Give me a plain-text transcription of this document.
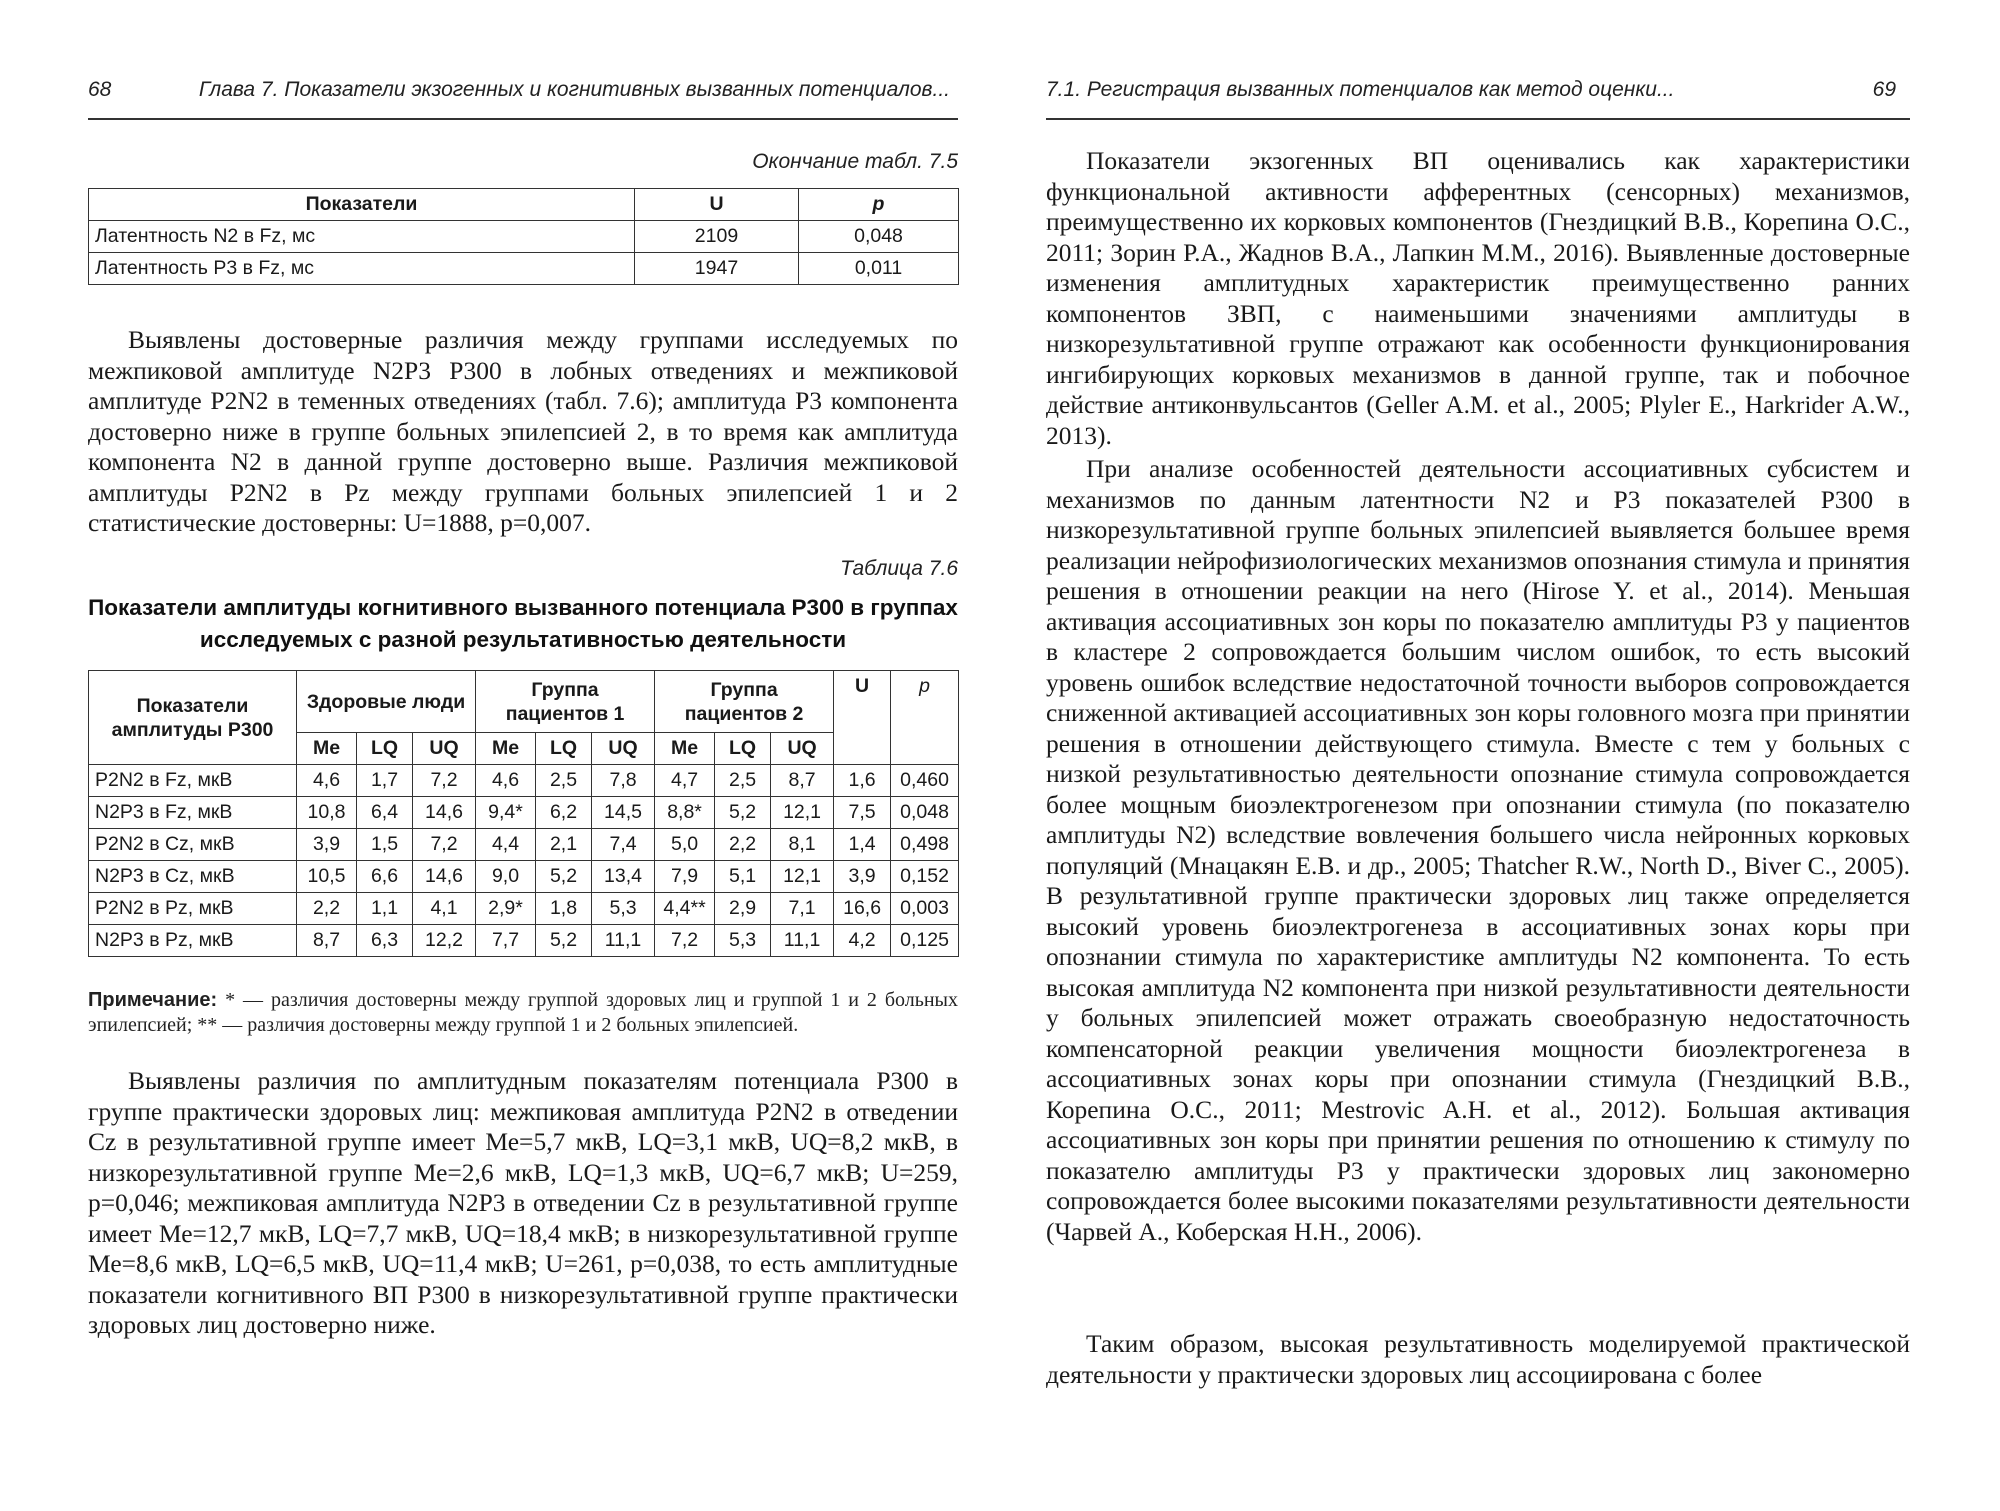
68	Глава 7. Показатели экзогенных и когнитивных вызванных потенциалов...
Окончание табл. 7.5
Показатели	U	p
Латентность N2 в Fz, мс	2109	0,048
Латентность Р3 в Fz, мс	1947	0,011
Выявлены достоверные различия между группами исследуемых по межпиковой амплитуде N2Р3 Р300 в лобных отведениях и межпиковой амплитуде Р2N2 в теменных отведениях (табл. 7.6); амплитуда Р3 компонента достоверно ниже в группе больных эпилепсией 2, в то время как амплитуда компонента N2 в данной группе достоверно выше. Различия межпиковой амплитуды Р2N2 в Pz между группами больных эпилепсией 1 и 2 статистические достоверны: U=1888, p=0,007.
Таблица 7.6
Показатели амплитуды когнитивного вызванного потенциала Р300 в группах исследуемых с разной результативностью деятельности
Показатели амплитуды Р300	Здоровые люди			Группа пациентов 1			Группа пациентов 2			U	p
	Ме	LQ	UQ	Ме	LQ	UQ	Ме	LQ	UQ		
Р2N2 в Fz, мкВ	4,6	1,7	7,2	4,6	2,5	7,8	4,7	2,5	8,7	1,6	0,460
N2Р3 в Fz, мкВ	10,8	6,4	14,6	9,4*	6,2	14,5	8,8*	5,2	12,1	7,5	0,048
Р2N2 в Cz, мкВ	3,9	1,5	7,2	4,4	2,1	7,4	5,0	2,2	8,1	1,4	0,498
N2Р3 в Cz, мкВ	10,5	6,6	14,6	9,0	5,2	13,4	7,9	5,1	12,1	3,9	0,152
Р2N2 в Pz, мкВ	2,2	1,1	4,1	2,9*	1,8	5,3	4,4**	2,9	7,1	16,6	0,003
N2Р3 в Pz, мкВ	8,7	6,3	12,2	7,7	5,2	11,1	7,2	5,3	11,1	4,2	0,125
Примечание: * — различия достоверны между группой здоровых лиц и группой 1 и 2 больных эпилепсией; ** — различия достоверны между группой 1 и 2 больных эпилепсией.
Выявлены различия по амплитудным показателям потенциала Р300 в группе практически здоровых лиц: межпиковая амплитуда Р2N2 в отведении Cz в результативной группе имеет Ме=5,7 мкВ, LQ=3,1 мкВ, UQ=8,2 мкВ, в низкорезультативной группе Ме=2,6 мкВ, LQ=1,3 мкВ, UQ=6,7 мкВ; U=259, p=0,046; межпиковая амплитуда N2Р3 в отведении Cz в результативной группе имеет Ме=12,7 мкВ, LQ=7,7 мкВ, UQ=18,4 мкВ; в низкорезультативной группе Ме=8,6 мкВ, LQ=6,5 мкВ, UQ=11,4 мкВ; U=261, p=0,038, то есть амплитудные показатели когнитивного ВП Р300 в низкорезультативной группе практически здоровых лиц достоверно ниже.
7.1. Регистрация вызванных потенциалов как метод оценки...	69
Показатели экзогенных ВП оценивались как характеристики функциональной активности афферентных (сенсорных) механизмов, преимущественно их корковых компонентов (Гнездицкий В.В., Корепина О.С., 2011; Зорин Р.А., Жаднов В.А., Лапкин М.М., 2016). Выявленные достоверные изменения амплитудных характеристик преимущественно ранних компонентов ЗВП, с наименьшими значениями амплитуды в низкорезультативной группе отражают как особенности функционирования ингибирующих корковых механизмов в данной группе, так и побочное действие антиконвульсантов (Geller A.M. et al., 2005; Plyler E., Harkrider A.W., 2013).
При анализе особенностей деятельности ассоциативных субсистем и механизмов по данным латентности N2 и Р3 показателей Р300 в низкорезультативной группе больных эпилепсией выявляется большее время реализации нейрофизиологических механизмов опознания стимула и принятия решения в отношении реакции на него (Hirose Y. et al., 2014). Меньшая активация ассоциативных зон коры по показателю амплитуды Р3 у пациентов в кластере 2 сопровождается большим числом ошибок, то есть высокий уровень ошибок вследствие недостаточной точности выборов сопровождается сниженной активацией ассоциативных зон коры головного мозга при принятии решения в отношении действующего стимула. Вместе с тем у больных с низкой результативностью деятельности опознание стимула сопровождается более мощным биоэлектрогенезом при опознании стимула (по показателю амплитуды N2) вследствие вовлечения большего числа нейронных корковых популяций (Мнацакян Е.В. и др., 2005; Thatcher R.W., North D., Biver C., 2005). В результативной группе практически здоровых лиц также определяется высокий уровень биоэлектрогенеза в ассоциативных зонах коры при опознании стимула по характеристике амплитуды N2 компонента. То есть высокая амплитуда N2 компонента при низкой результативности деятельности у больных эпилепсией может отражать своеобразную недостаточность компенсаторной реакции увеличения мощности биоэлектрогенеза в ассоциативных зонах коры при опознании стимула (Гнездицкий В.В., Корепина О.С., 2011; Mestrovic A.H. et al., 2012). Большая активация ассоциативных зон коры при принятии решения по отношению к стимулу по показателю амплитуды Р3 у практически здоровых лиц закономерно сопровождается более высокими показателями результативности деятельности (Чарвей А., Коберская Н.Н., 2006).
Таким образом, высокая результативность моделируемой практической деятельности у практически здоровых лиц ассоциирована с более
